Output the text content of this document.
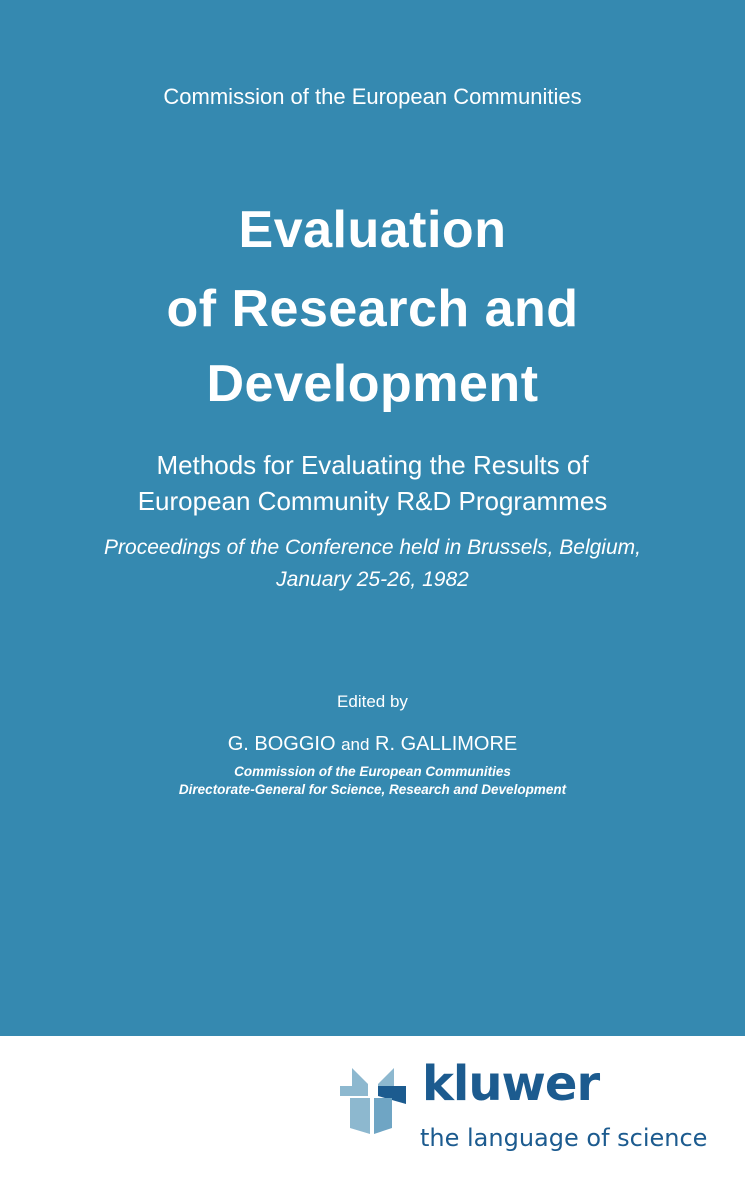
Commission of the European Communities
Evaluation
of Research and
Development
Methods for Evaluating the Results of
European Community R&D Programmes
Proceedings of the Conference held in Brussels, Belgium,
January 25-26, 1982
Edited by
G. BOGGIO and R. GALLIMORE
Commission of the European Communities
Directorate-General for Science, Research and Development
kluwer
the language of science
